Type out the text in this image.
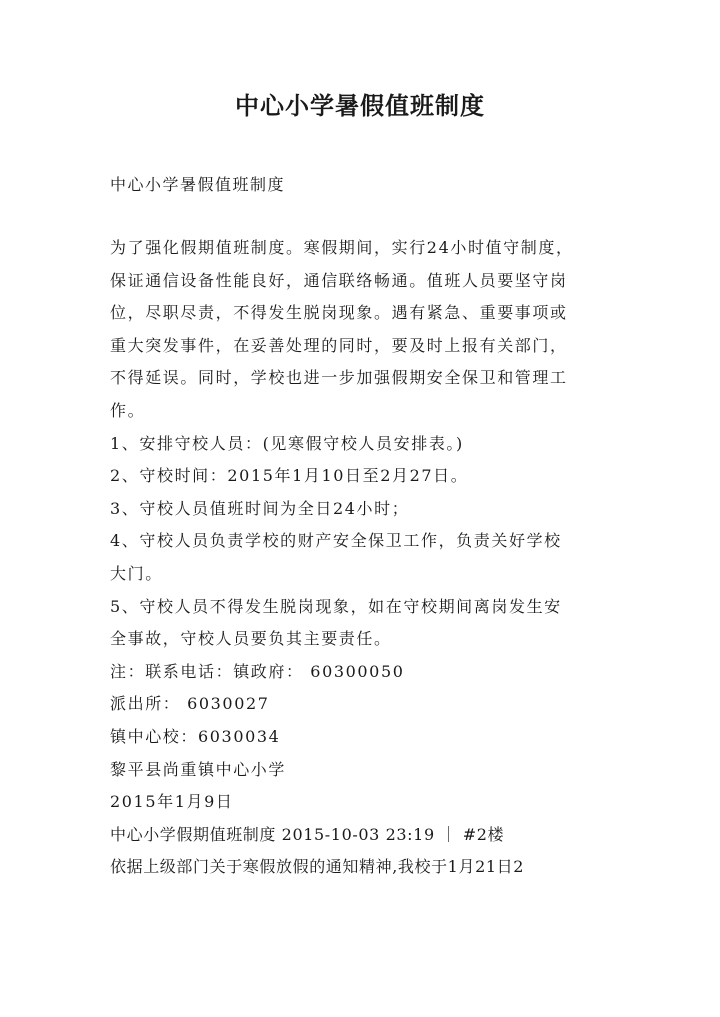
中心小学暑假值班制度
中心小学暑假值班制度
为了强化假期值班制度。寒假期间，实行24小时值守制度，
保证通信设备性能良好，通信联络畅通。值班人员要坚守岗
位，尽职尽责，不得发生脱岗现象。遇有紧急、重要事项或
重大突发事件，在妥善处理的同时，要及时上报有关部门，
不得延误。同时，学校也进一步加强假期安全保卫和管理工
作。
1、安排守校人员：(见寒假守校人员安排表。)
2、守校时间：2015年1月10日至2月27日。
3、守校人员值班时间为全日24小时；
4、守校人员负责学校的财产安全保卫工作，负责关好学校
大门。
5、守校人员不得发生脱岗现象，如在守校期间离岗发生安
全事故，守校人员要负其主要责任。
注：联系电话：镇政府： 60300050
派出所： 6030027
镇中心校：6030034
黎平县尚重镇中心小学
2015年1月9日
中心小学假期值班制度 2015-10-03 23:19 ｜ #2楼
依据上级部门关于寒假放假的通知精神,我校于1月21日2
